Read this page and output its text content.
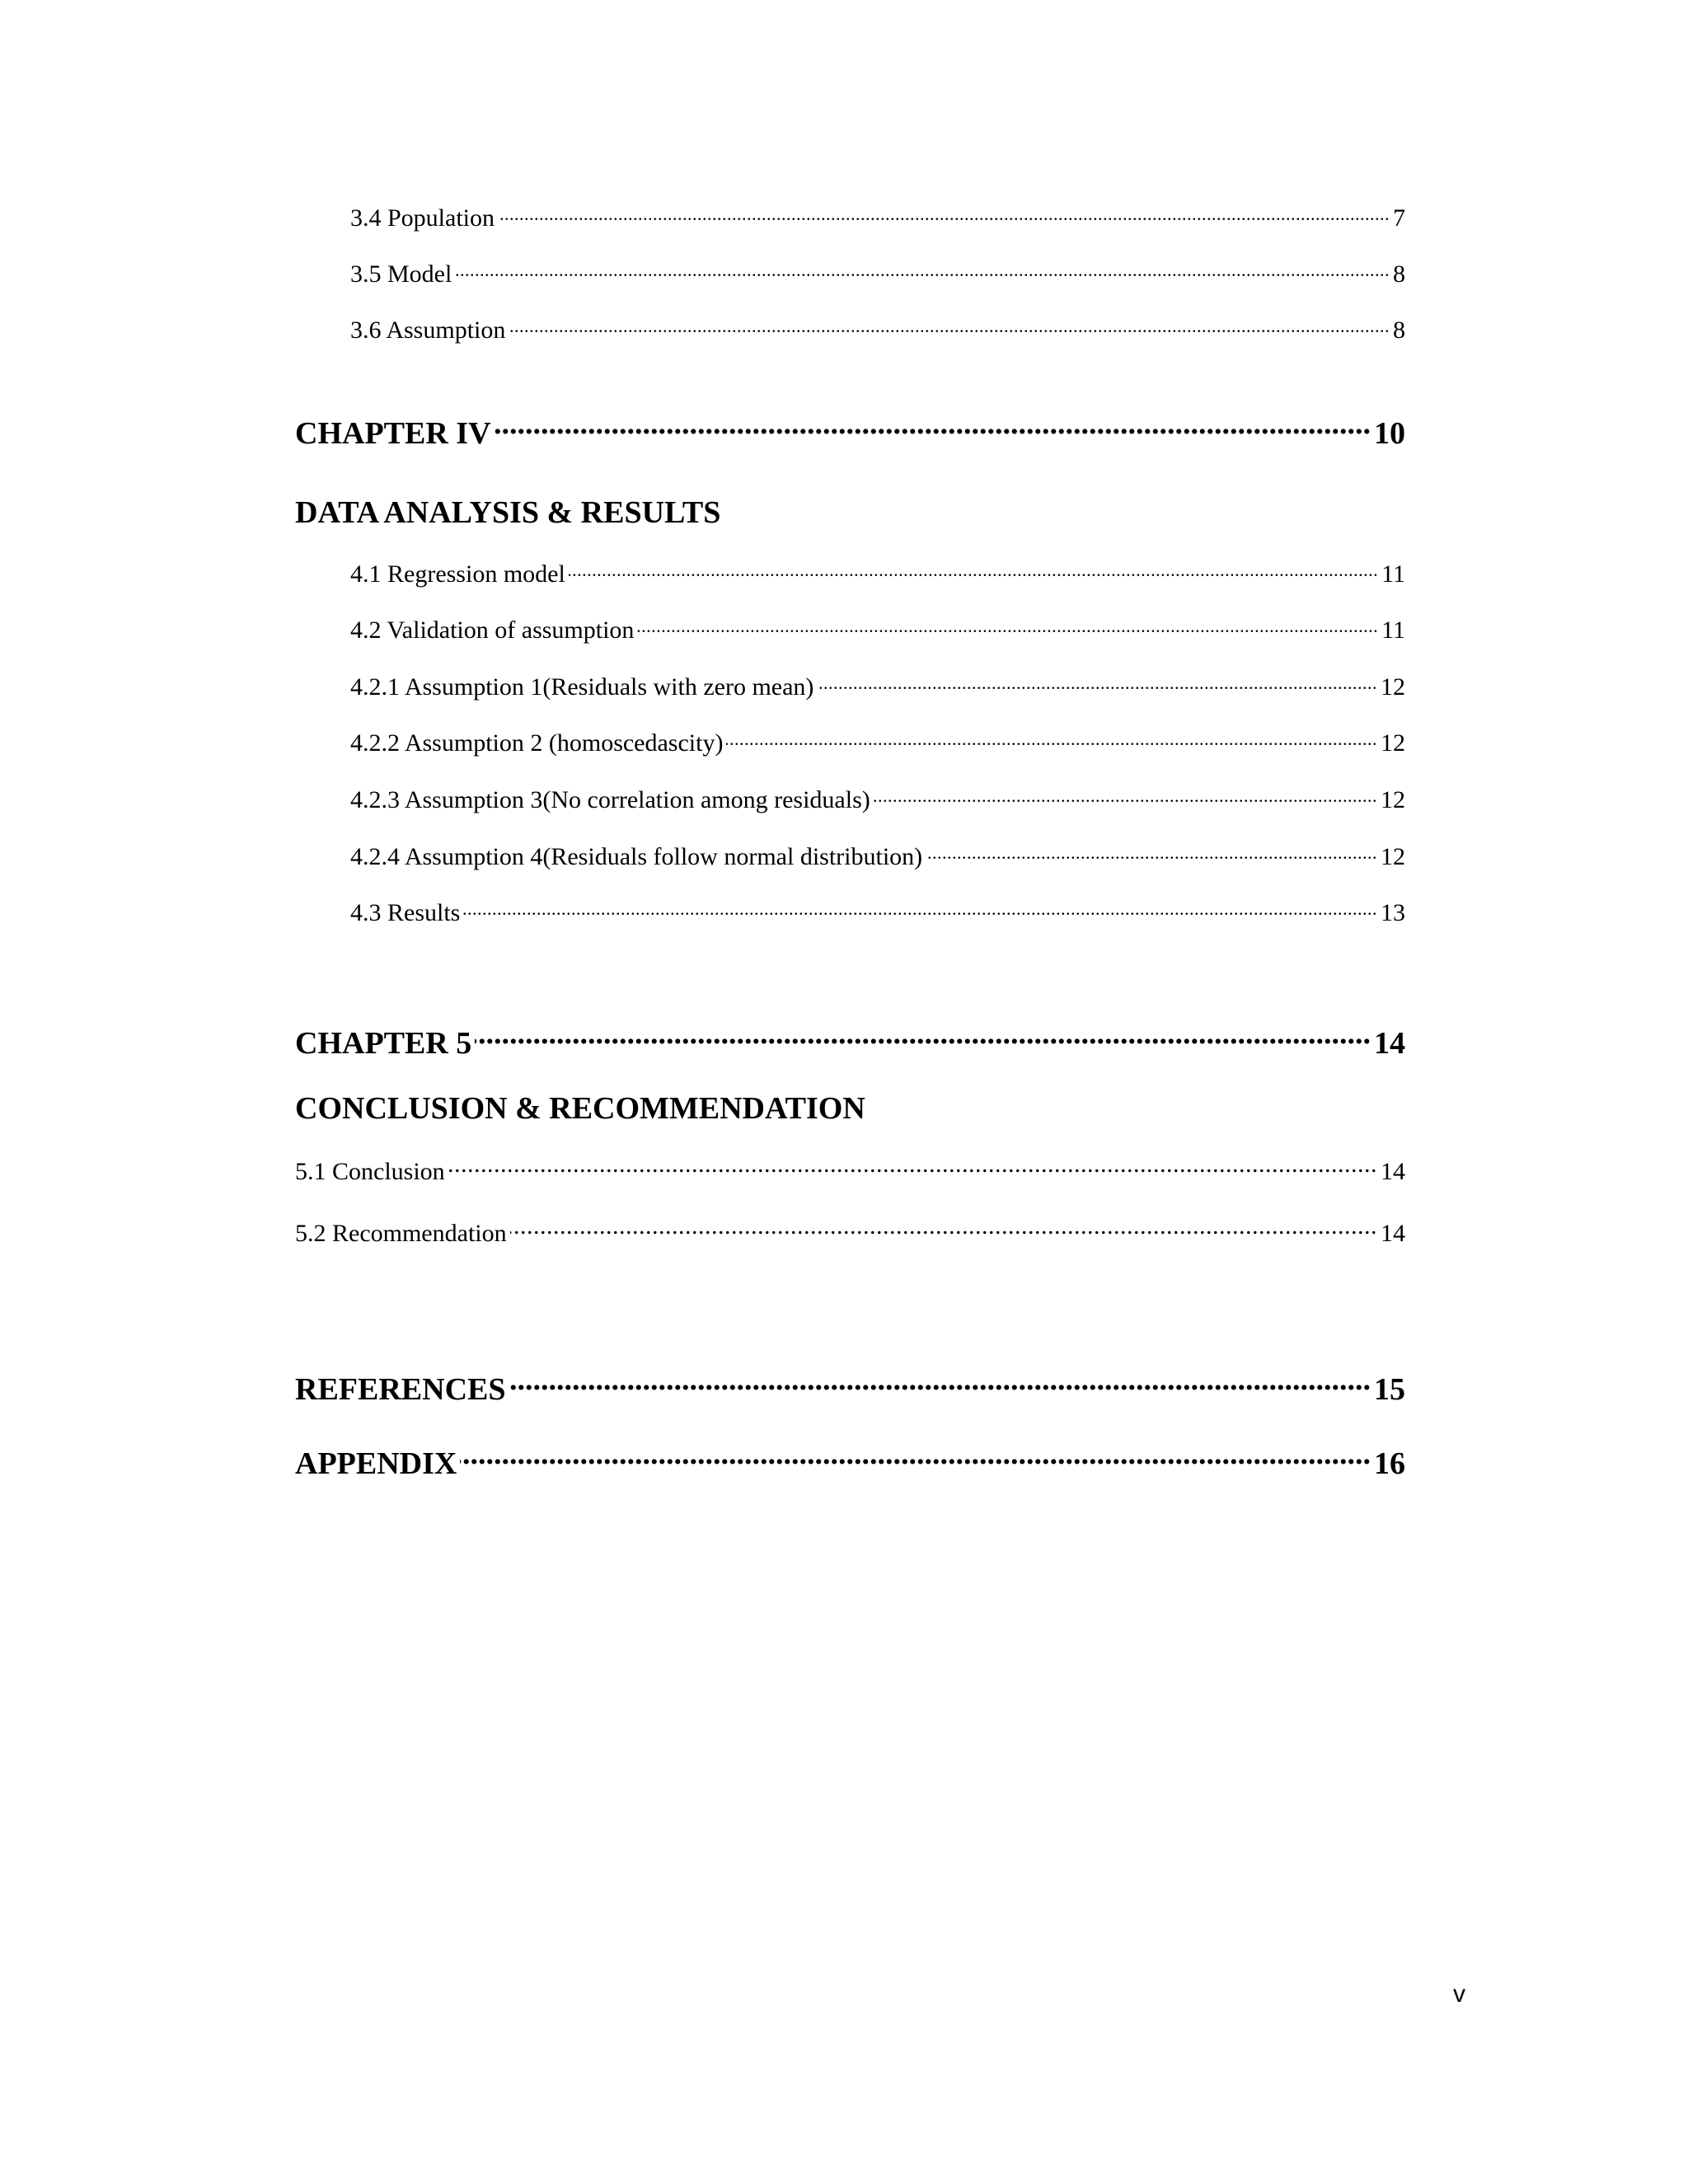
3.4 Population .....	7
3.5 Model .....	8
3.6 Assumption .....	8
CHAPTER IV .....	10
DATA ANALYSIS & RESULTS
4.1 Regression model .....	11
4.2 Validation of assumption .....	11
4.2.1 Assumption 1(Residuals with zero mean) .....	12
4.2.2 Assumption 2 (homoscedascity) .....	12
4.2.3 Assumption 3(No correlation among residuals) .....	12
4.2.4 Assumption 4(Residuals follow normal distribution) .....	12
4.3 Results .....	13
CHAPTER 5 .....	14
CONCLUSION & RECOMMENDATION
5.1 Conclusion .....	14
5.2 Recommendation .....	14
REFERENCES .....	15
APPENDIX .....	16
v
